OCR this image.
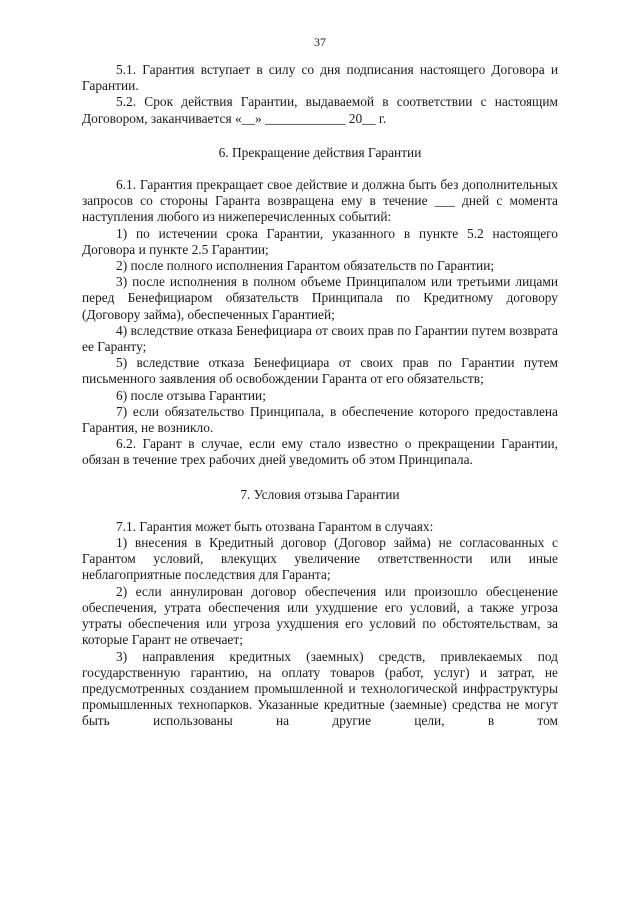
37

5.1. Гарантия вступает в силу со дня подписания настоящего Договора и Гарантии.

5.2. Срок действия Гарантии, выдаваемой в соответствии с настоящим Договором, заканчивается «__» ____________ 20__ г.

6. Прекращение действия Гарантии

6.1. Гарантия прекращает свое действие и должна быть без дополнительных запросов со стороны Гаранта возвращена ему в течение ___ дней с момента наступления любого из нижеперечисленных событий:

1) по истечении срока Гарантии, указанного в пункте 5.2 настоящего Договора и пункте 2.5 Гарантии;

2) после полного исполнения Гарантом обязательств по Гарантии;

3) после исполнения в полном объеме Принципалом или третьими лицами перед Бенефициаром обязательств Принципала по Кредитному договору (Договору займа), обеспеченных Гарантией;

4) вследствие отказа Бенефициара от своих прав по Гарантии путем возврата ее Гаранту;

5) вследствие отказа Бенефициара от своих прав по Гарантии путем письменного заявления об освобождении Гаранта от его обязательств;

6) после отзыва Гарантии;

7) если обязательство Принципала, в обеспечение которого предоставлена Гарантия, не возникло.

6.2. Гарант в случае, если ему стало известно о прекращении Гарантии, обязан в течение трех рабочих дней уведомить об этом Принципала.

7. Условия отзыва Гарантии

7.1. Гарантия может быть отозвана Гарантом в случаях:

1) внесения в Кредитный договор (Договор займа) не согласованных с Гарантом условий, влекущих увеличение ответственности или иные неблагоприятные последствия для Гаранта;

2) если аннулирован договор обеспечения или произошло обесценение обеспечения, утрата обеспечения или ухудшение его условий, а также угроза утраты обеспечения или угроза ухудшения его условий по обстоятельствам, за которые Гарант не отвечает;

3) направления кредитных (заемных) средств, привлекаемых под государственную гарантию, на оплату товаров (работ, услуг) и затрат, не предусмотренных созданием промышленной и технологической инфраструктуры промышленных технопарков. Указанные кредитные (заемные) средства не могут быть использованы на другие цели, в том
